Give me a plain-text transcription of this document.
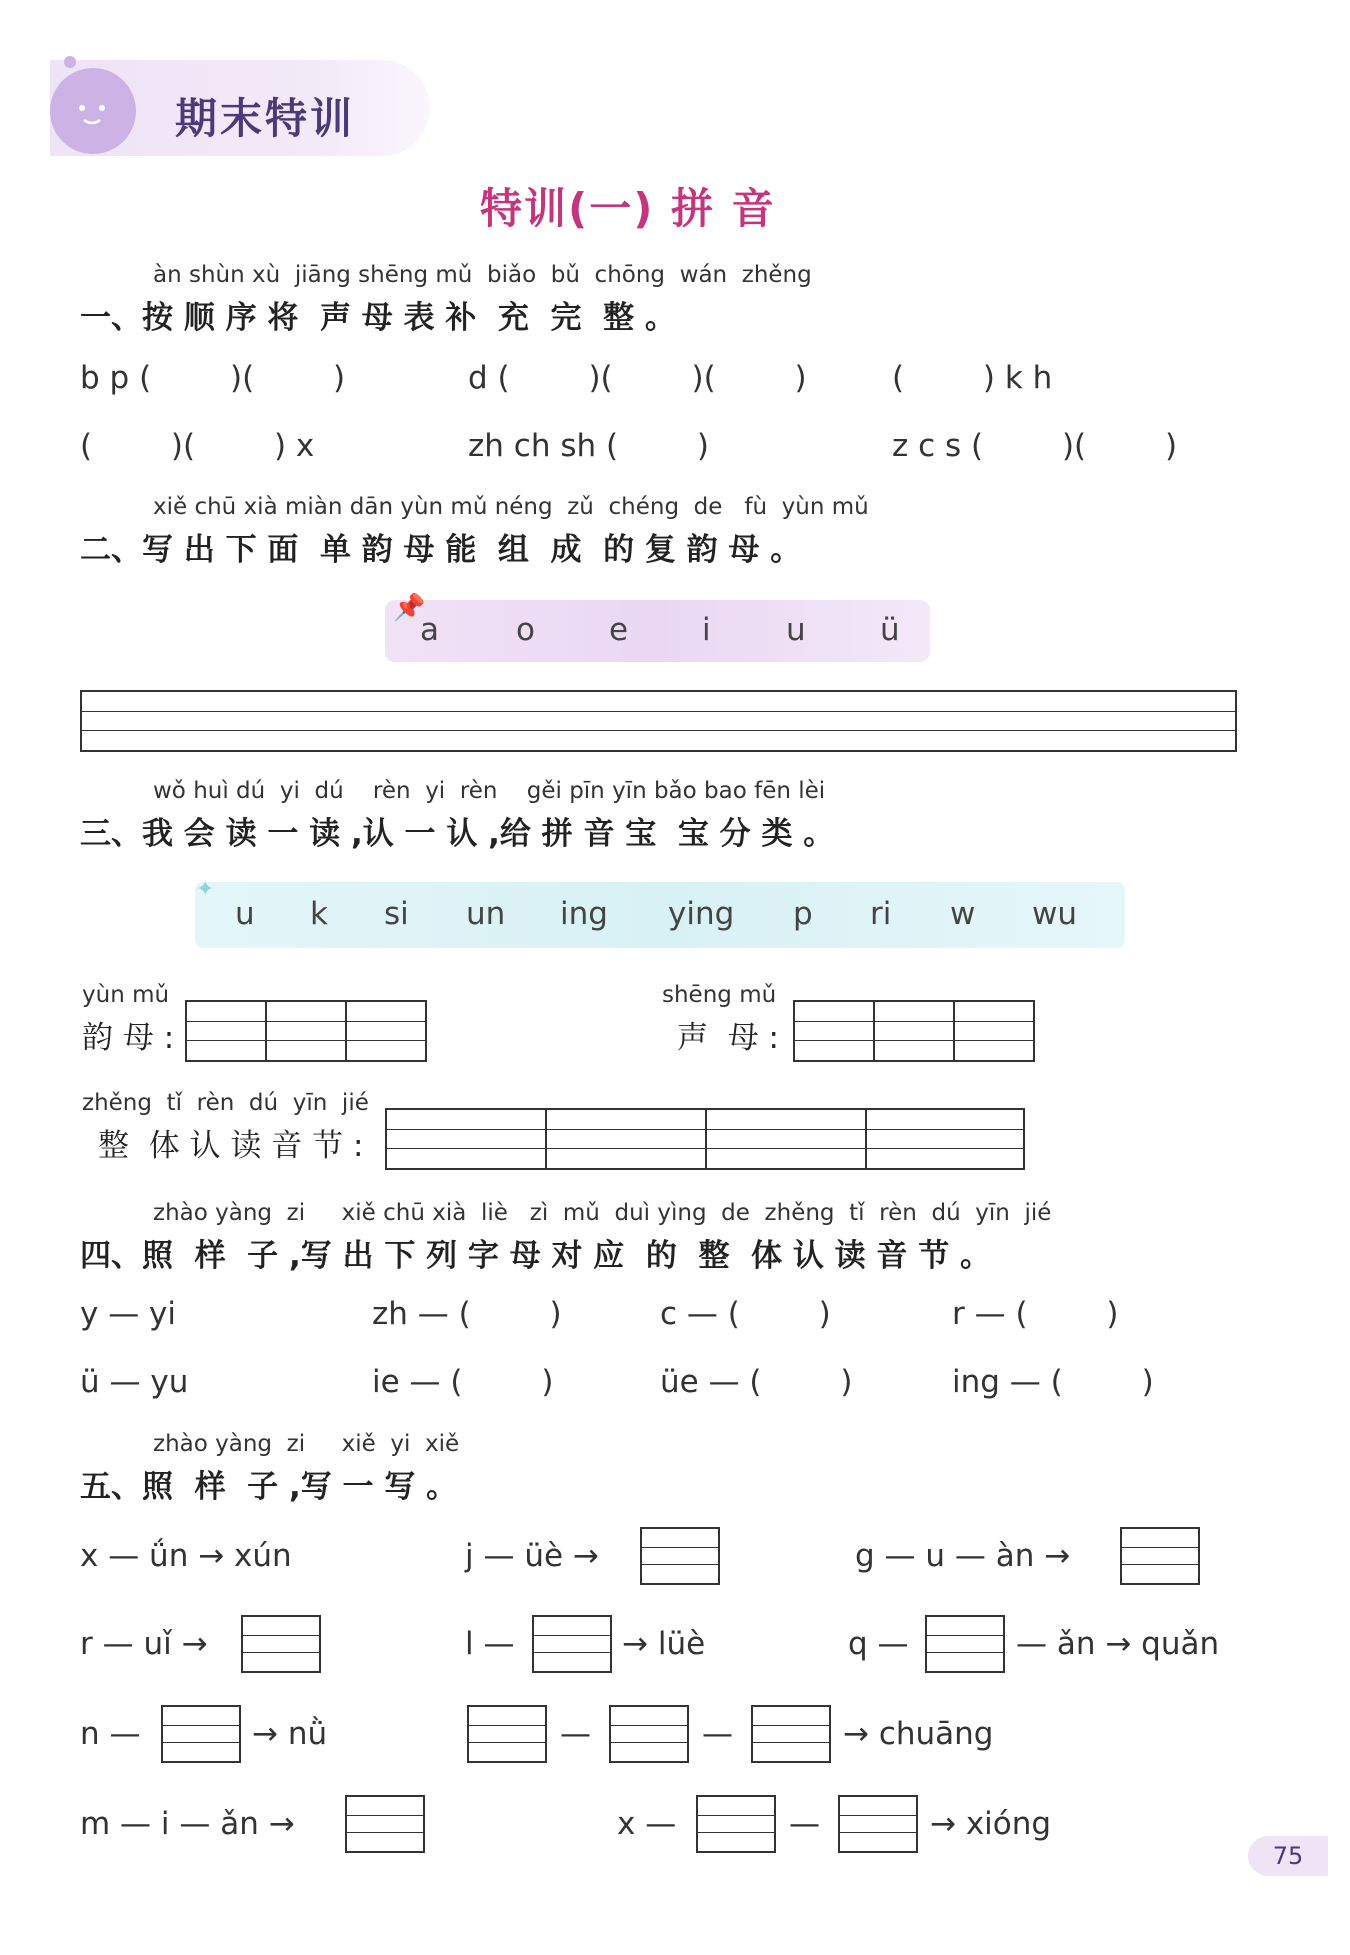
期末特训
特训(一) 拼 音
àn shùn xù  jiāng shēng mǔ  biǎo  bǔ  chōng  wán  zhěng
一、按 顺 序 将  声 母 表 补  充  完  整 。
b p (        )(        )	d (        )(        )(        )	(        ) k h
(        )(        ) x	zh ch sh (        )	z c s (        )(        )
xiě chū xià miàn dān yùn mǔ néng  zǔ  chéng  de   fù  yùn mǔ
二、写 出 下 面  单 韵 母 能  组  成  的 复 韵 母 。
📌
a o e i u ü
wǒ huì dú  yi  dú    rèn  yi  rèn    gěi pīn yīn bǎo bao fēn lèi
三、我 会 读 一 读 ,认 一 认 ,给 拼 音 宝  宝 分 类 。
✦
u k si un ing ying p ri w wu
yùn mǔ
韵 母 :
shēng mǔ
声  母 :
zhěng  tǐ  rèn  dú  yīn  jié
整  体 认 读 音 节 :
zhào yàng  zi     xiě chū xià  liè   zì  mǔ  duì yìng  de  zhěng  tǐ  rèn  dú  yīn  jié
四、照  样  子 ,写 出 下 列 字 母 对 应  的  整  体 认 读 音 节 。
y — yi	zh — (        )	c — (        )	r — (        )
ü — yu	ie — (        )	üe — (        )	ing — (        )
zhào yàng  zi     xiě  yi  xiě
五、照  样  子 ,写 一 写 。
x — ǘn → xún	j — üè →	g — u — àn →
r — uǐ →	l —	→ lüè	q —	— ǎn → quǎn
n —	→ nǜ	—	—	→ chuāng
m — i — ǎn →	x —	—	→ xióng
75
